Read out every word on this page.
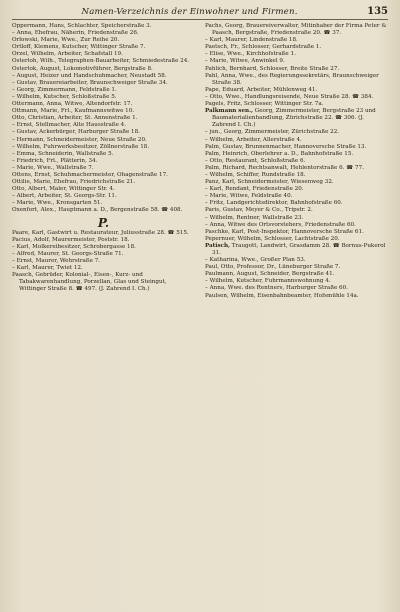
Namen-Verzeichnis der Einwohner und Firmen.	135
Oppermann, Hans, Schlachter, Speicherstraße 3.
– Anna, Ehefrau, Näherin, Friedenstraße 26.
Orlowski, Marie, Wwe., Zur Reihe 20.
Ortloff, Klemens, Kutscher, Wittinger Straße 7.
Orzel, Wilhelm, Arbeiter, Schafstall 19.
Osterloh, Wilh., Telegraphen-Bauarbeiter, Schmiedestraße 24.
Osterlok, August, Lokomotivführer, Bergstraße 8.
– August, Heizer und Handschuhmacher, Neustadt 58.
– Gustav, Brauereiarbeiter, Braunschweiger Straße 34.
– Georg, Zimmermann, Feldstraße 1.
– Wilhelm, Kutscher, Schloßstraße 5.
Ottermann, Anna, Witwe, Altendorfstr. 17.
Ottmann, Marie, Frl., Kaufmannswitwe 10.
Otto, Christian, Arbeiter, St. Annenstraße 1.
– Ernst, Stellmacher, Alte Hausstraße 4.
– Gustav, Ackerbürger, Harburger Straße 18.
– Hermann, Schneidermeister, Neue Straße 20.
– Wilhelm, Fuhrwerksbesitzer, Zöllnerstraße 18.
– Emma, Schneiderin, Wallstraße 5.
– Friedrich, Frl., Plätterin, 34.
– Marie, Wwe., Wallstraße 7.
Ottens, Ernst, Schuhmachermeister, Ohagenstraße 17.
Ottilie, Marie, Ehefrau, Friedrichstraße 21.
Otto, Albert, Maler, Wittinger Str. 4.
– Albert, Arbeiter, St. Georgs-Str. 11.
– Marie, Wwe., Kronsgarten 51.
Oxenfort, Alex., Hauptmann a. D., Bergenstraße 58. ☎ 408.
P.
Paare, Karl, Gastwirt u. Restaurateur, Juliusstraße 28. ☎ 515.
Pacius, Adolf, Maurermeister, Poststr. 18.
– Karl, Molkereibesitzer, Schrobergasse 18.
– Alfred, Maurer, St. Georgs-Straße 71.
– Ernst, Maurer, Wehrstraße 7.
– Karl, Maurer, Twiet 12.
Paasch, Gebrüder, Kolonial-, Eisen-, Kurz- und Tabakwarenhandlung, Porzellan, Glas und Steingut, Wittinger Straße 8. ☎ 497. (J. Zahrend I. Ch.)
Pachs, Georg, Brauereiverwalter, Mitinhaber der Firma Peter & Paasch, Bergstraße, Friedenstraße 20. ☎ 37.
– Karl, Maurer, Lindenstraße 18.
Paetsch, Fr., Schlosser, Gerhardstraße 1.
– Elise, Wwe., Kirchhofstraße 1.
– Marie, Witwe, Anwinkel 9.
Pahlich, Bernhard, Schlosser, Breite Straße 27.
Pahl, Anna, Wwe., des Regierungssekretärs, Braunschweiger Straße 38.
Pape, Eduard, Arbeiter, Mühlenweg 41.
– Otto, Wwe., Handlungsreisende, Neue Straße 28. ☎ 384.
Pagels, Fritz, Schlosser, Wittinger Str. 7a.
Palkmann sen., Georg, Zimmermeister, Bergstraße 23 und Baumaterialienhandlung, Zürichstraße 22. ☎ 306. (J. Zahrend I. Ch.)
– jun., Georg, Zimmermeister, Zürichstraße 22.
– Wilhelm, Arbeiter, Allerstraße 4.
Palm, Gustav, Brunnenmacher, Hannoversche Straße 13.
Palm, Heinrich, Oberlehrer a. D., Bahnhofstraße 15.
– Otto, Restaurant, Schloßstraße 6.
Palm, Richard, Rechtsanwalt, Hehlentorstraße 6. ☎ 77.
– Wilhelm, Schiffer, Rundstraße 18.
Panz, Karl, Schneidermeister, Wiesenweg 32.
– Karl, Rendant, Friedenstraße 20.
– Marie, Witwe, Feldstraße 40.
– Fritz, Landgerichtsdirektor, Bahnhofstraße 60.
Paris, Gustav, Meyer & Co., Tripstr. 2.
– Wilhelm, Rentner, Wallstraße 23.
– Anna, Witwe des Ortsvorstehers, Friedenstraße 60.
Paschke, Karl, Post-Inspektor, Hannoversche Straße 61.
Pepernuer, Wilhelm, Schlosser, Lachtstraße 20.
Patisch, Traugott, Landwirt, Grasdamm 28. ☎ Bornus-Pukerol 31.
– Katharina, Wwe., Großer Plan 53.
Paul, Otto, Professor, Dr., Lüneburger Straße 7.
Paulmann, August, Schneider, Bergstraße 41.
– Wilhelm, Kutscher, Fuhrmannswohnung 4.
– Anna, Wwe. des Rentners, Harburger Straße 60.
Paulsen, Wilhelm, Eisenbahnbeamter, Hofsmühle 14a.
